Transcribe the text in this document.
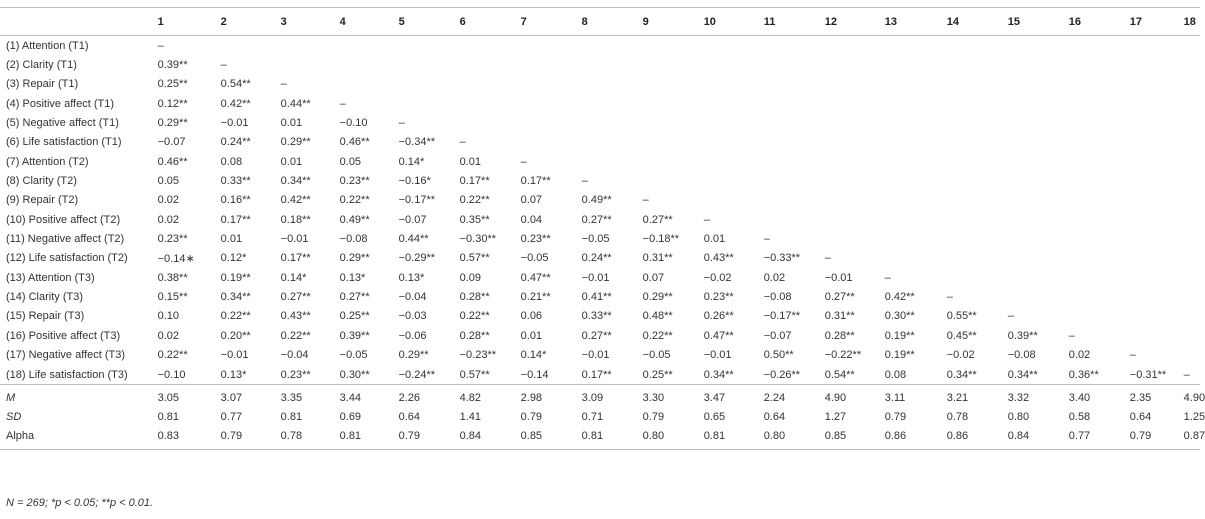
	1	2	3	4	5	6	7	8	9	10	11	12	13	14	15	16	17	18
(1) Attention (T1)	–																	
(2) Clarity (T1)	0.39**	–																
(3) Repair (T1)	0.25**	0.54**	–															
(4) Positive affect (T1)	0.12**	0.42**	0.44**	–														
(5) Negative affect (T1)	0.29**	−0.01	0.01	−0.10	–													
(6) Life satisfaction (T1)	−0.07	0.24**	0.29**	0.46**	−0.34**	–												
(7) Attention (T2)	0.46**	0.08	0.01	0.05	0.14*	0.01	–											
(8) Clarity (T2)	0.05	0.33**	0.34**	0.23**	−0.16*	0.17**	0.17**	–										
(9) Repair (T2)	0.02	0.16**	0.42**	0.22**	−0.17**	0.22**	0.07	0.49**	–									
(10) Positive affect (T2)	0.02	0.17**	0.18**	0.49**	−0.07	0.35**	0.04	0.27**	0.27**	–								
(11) Negative affect (T2)	0.23**	0.01	−0.01	−0.08	0.44**	−0.30**	0.23**	−0.05	−0.18**	0.01	–							
(12) Life satisfaction (T2)	−0.14∗	0.12*	0.17**	0.29**	−0.29**	0.57**	−0.05	0.24**	0.31**	0.43**	−0.33**	–						
(13) Attention (T3)	0.38**	0.19**	0.14*	0.13*	0.13*	0.09	0.47**	−0.01	0.07	−0.02	0.02	−0.01	–					
(14) Clarity (T3)	0.15**	0.34**	0.27**	0.27**	−0.04	0.28**	0.21**	0.41**	0.29**	0.23**	−0.08	0.27**	0.42**	–				
(15) Repair (T3)	0.10	0.22**	0.43**	0.25**	−0.03	0.22**	0.06	0.33**	0.48**	0.26**	−0.17**	0.31**	0.30**	0.55**	–			
(16) Positive affect (T3)	0.02	0.20**	0.22**	0.39**	−0.06	0.28**	0.01	0.27**	0.22**	0.47**	−0.07	0.28**	0.19**	0.45**	0.39**	–		
(17) Negative affect (T3)	0.22**	−0.01	−0.04	−0.05	0.29**	−0.23**	0.14*	−0.01	−0.05	−0.01	0.50**	−0.22**	0.19**	−0.02	−0.08	0.02	–	
(18) Life satisfaction (T3)	−0.10	0.13*	0.23**	0.30**	−0.24**	0.57**	−0.14	0.17**	0.25**	0.34**	−0.26**	0.54**	0.08	0.34**	0.34**	0.36**	−0.31**	–
M	3.05	3.07	3.35	3.44	2.26	4.82	2.98	3.09	3.30	3.47	2.24	4.90	3.11	3.21	3.32	3.40	2.35	4.90
SD	0.81	0.77	0.81	0.69	0.64	1.41	0.79	0.71	0.79	0.65	0.64	1.27	0.79	0.78	0.80	0.58	0.64	1.25
Alpha	0.83	0.79	0.78	0.81	0.79	0.84	0.85	0.81	0.80	0.81	0.80	0.85	0.86	0.86	0.84	0.77	0.79	0.87
N = 269; *p < 0.05; **p < 0.01.
